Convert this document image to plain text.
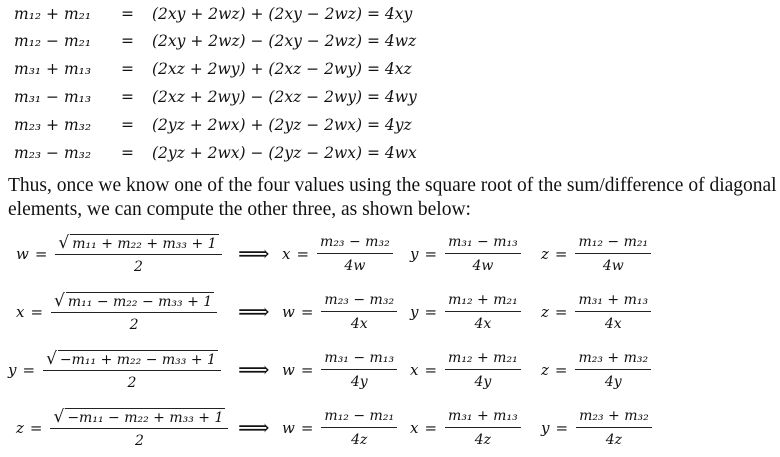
m₁₂ + m₂₁ = (2xy + 2wz) + (2xy − 2wz) = 4xy
m₁₂ − m₂₁ = (2xy + 2wz) − (2xy − 2wz) = 4wz
m₃₁ + m₁₃ = (2xz + 2wy) + (2xz − 2wy) = 4xz
m₃₁ − m₁₃ = (2xz + 2wy) − (2xz − 2wy) = 4wy
m₂₃ + m₃₂ = (2yz + 2wx) + (2yz − 2wx) = 4yz
m₂₃ − m₃₂ = (2yz + 2wx) − (2yz − 2wx) = 4wx
Thus, once we know one of the four values using the square root of the sum/difference of diagonal elements, we can compute the other three, as shown below:
$w = \frac{\text{√ m₁₁ + m₂₂ + m₃₃ + 1}}{2}$ ⟹ $x = \frac{\text{m₂₃ − m₃₂}}{4w}$ $y = \frac{\text{m₃₁ − m₁₃}}{4w}$ $z = \frac{\text{m₁₂ − m₂₁}}{4w}$
$x = \frac{\text{√ m₁₁ − m₂₂ − m₃₃ + 1}}{2}$ ⟹ $w = \frac{\text{m₂₃ − m₃₂}}{4x}$ $y = \frac{\text{m₁₂ + m₂₁}}{4x}$ $z = \frac{\text{m₃₁ + m₁₃}}{4x}$
$y = \frac{\text{√ −m₁₁ + m₂₂ − m₃₃ + 1}}{2}$ ⟹ $w = \frac{\text{m₃₁ − m₁₃}}{4y}$ $x = \frac{\text{m₁₂ + m₂₁}}{4y}$ $z = \frac{\text{m₂₃ + m₃₂}}{4y}$
$z = \frac{\text{√ −m₁₁ − m₂₂ + m₃₃ + 1}}{2}$ ⟹ $w = \frac{\text{m₁₂ − m₂₁}}{4z}$ $x = \frac{\text{m₃₁ + m₁₃}}{4z}$ $y = \frac{\text{m₂₃ + m₃₂}}{4z}$
